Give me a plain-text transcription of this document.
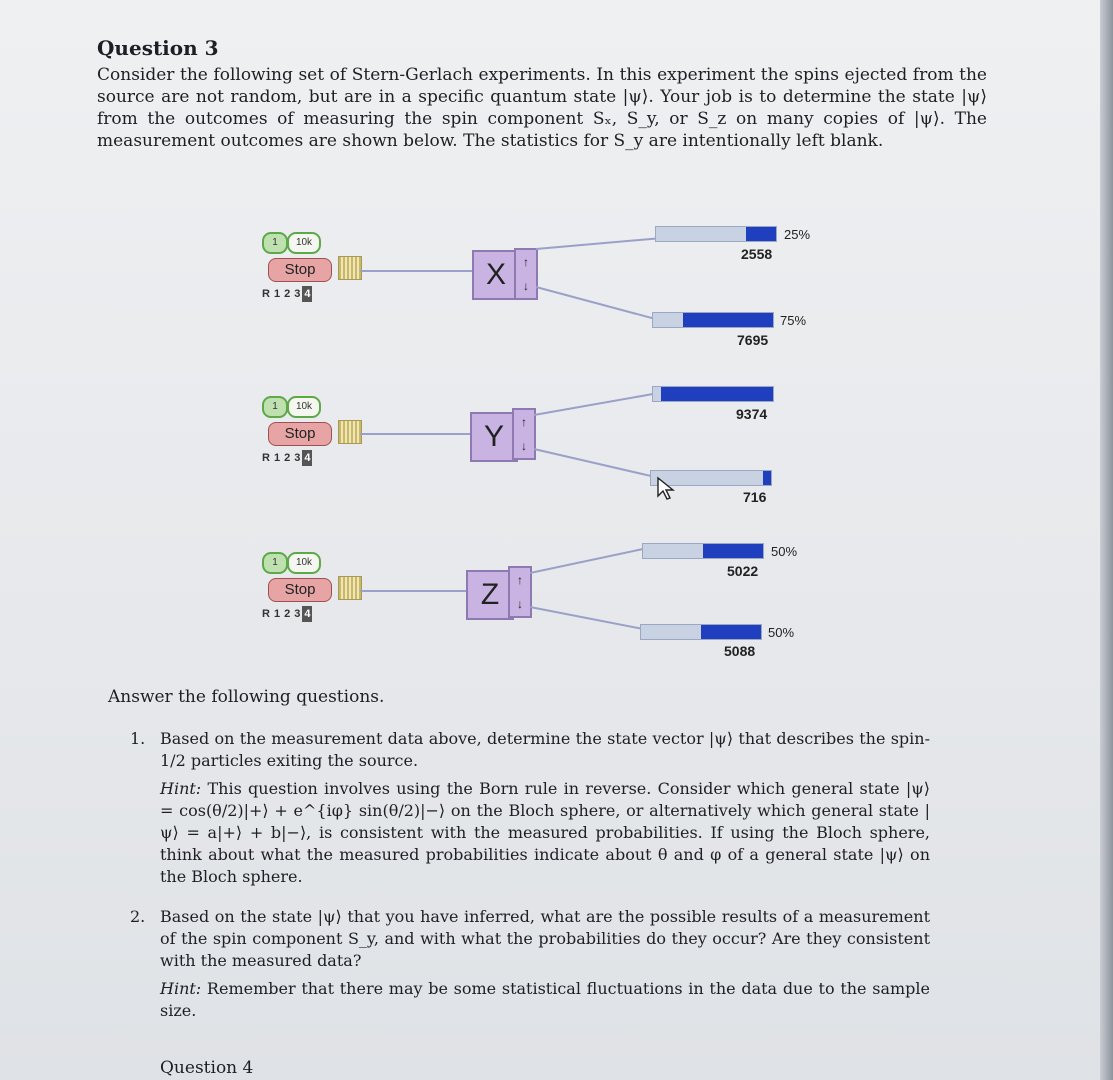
Question 3

Consider the following set of Stern-Gerlach experiments. In this experiment the spins ejected from the source are not random, but are in a specific quantum state |ψ⟩. Your job is to determine the state |ψ⟩ from the outcomes of measuring the spin component Sₓ, S_y, or S_z on many copies of |ψ⟩. The measurement outcomes are shown below. The statistics for S_y are intentionally left blank.

1	10k
Stop
R 1 2 3 4
X	↑
↓
25%
2558
75%
7695
1	10k
Stop
R 1 2 3 4
Y	↑
↓
9374
716
1	10k
Stop
R 1 2 3 4
Z	↑
↓
50%
5022
50%
5088
Answer the following questions.
1. Based on the measurement data above, determine the state vector |ψ⟩ that describes the spin-1/2 particles exiting the source.
Hint: This question involves using the Born rule in reverse. Consider which general state |ψ⟩ = cos(θ/2)|+⟩ + e^{iφ} sin(θ/2)|−⟩ on the Bloch sphere, or alternatively which general state |ψ⟩ = a|+⟩ + b|−⟩, is consistent with the measured probabilities. If using the Bloch sphere, think about what the measured probabilities indicate about θ and φ of a general state |ψ⟩ on the Bloch sphere.
2. Based on the state |ψ⟩ that you have inferred, what are the possible results of a measurement of the spin component S_y, and with what the probabilities do they occur? Are they consistent with the measured data?
Hint: Remember that there may be some statistical fluctuations in the data due to the sample size.
Question 4
